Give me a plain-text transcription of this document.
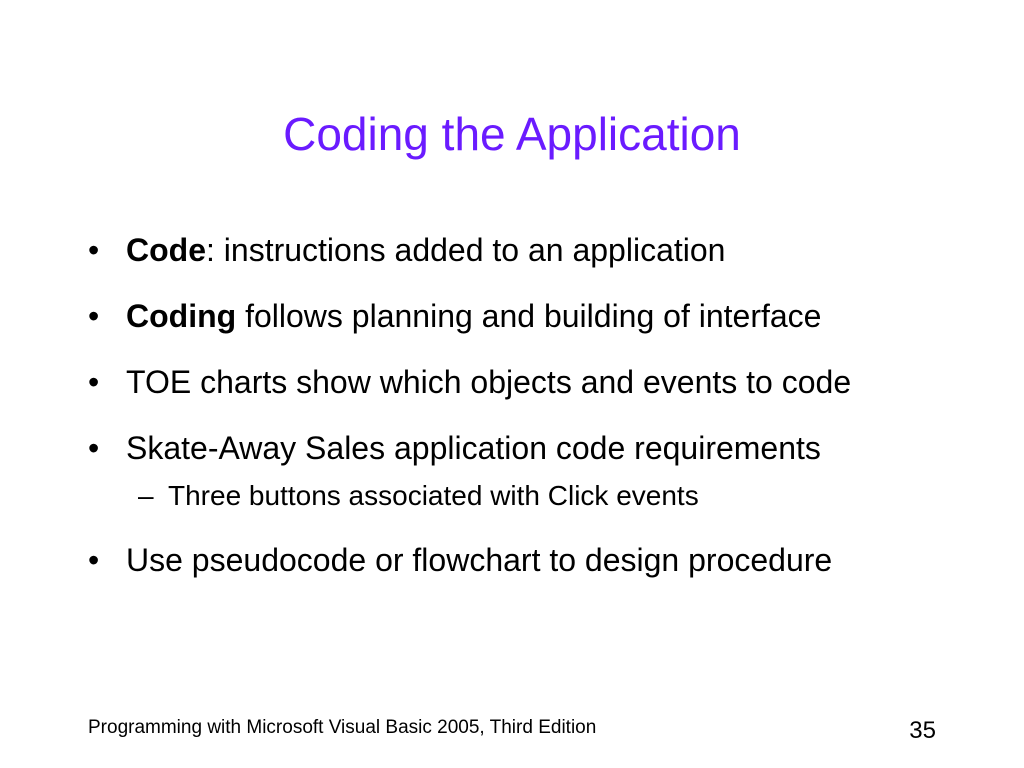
Coding the Application
• Code: instructions added to an application
• Coding follows planning and building of interface
• TOE charts show which objects and events to code
• Skate-Away Sales application code requirements
– Three buttons associated with Click events
• Use pseudocode or flowchart to design procedure
Programming with Microsoft Visual Basic 2005, Third Edition	35
